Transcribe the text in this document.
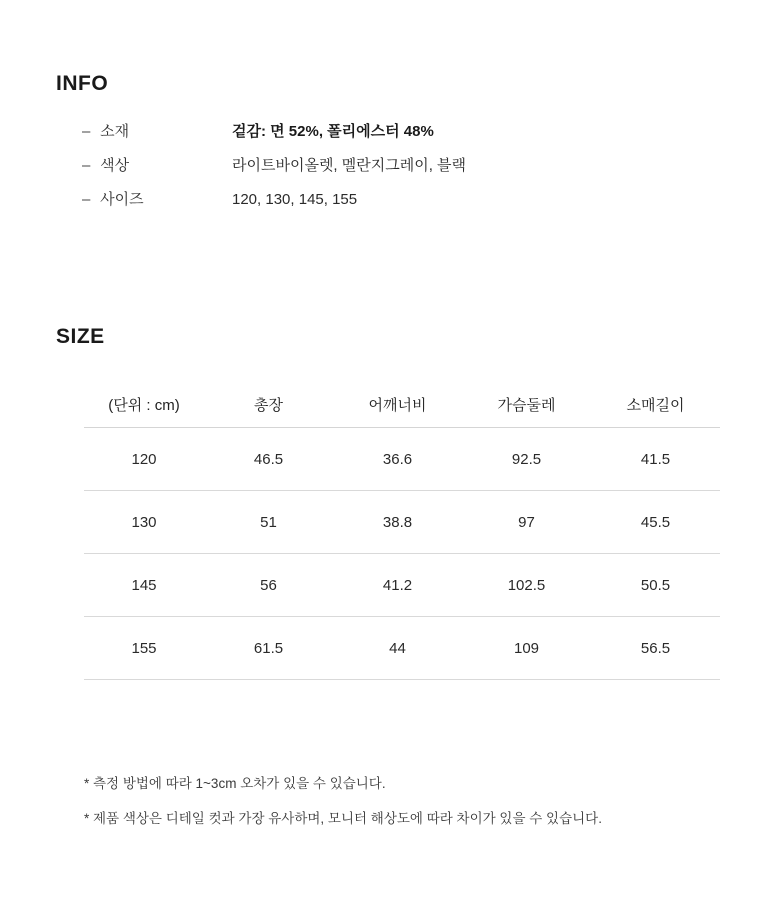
INFO
– 소재	겉감: 면 52%, 폴리에스터 48%
– 색상	라이트바이올렛, 멜란지그레이, 블랙
– 사이즈	120, 130, 145, 155
SIZE
(단위 : cm)	총장	어깨너비	가슴둘레	소매길이
120	46.5	36.6	92.5	41.5
130	51	38.8	97	45.5
145	56	41.2	102.5	50.5
155	61.5	44	109	56.5
* 측정 방법에 따라 1~3cm 오차가 있을 수 있습니다.
* 제품 색상은 디테일 컷과 가장 유사하며, 모니터 해상도에 따라 차이가 있을 수 있습니다.
